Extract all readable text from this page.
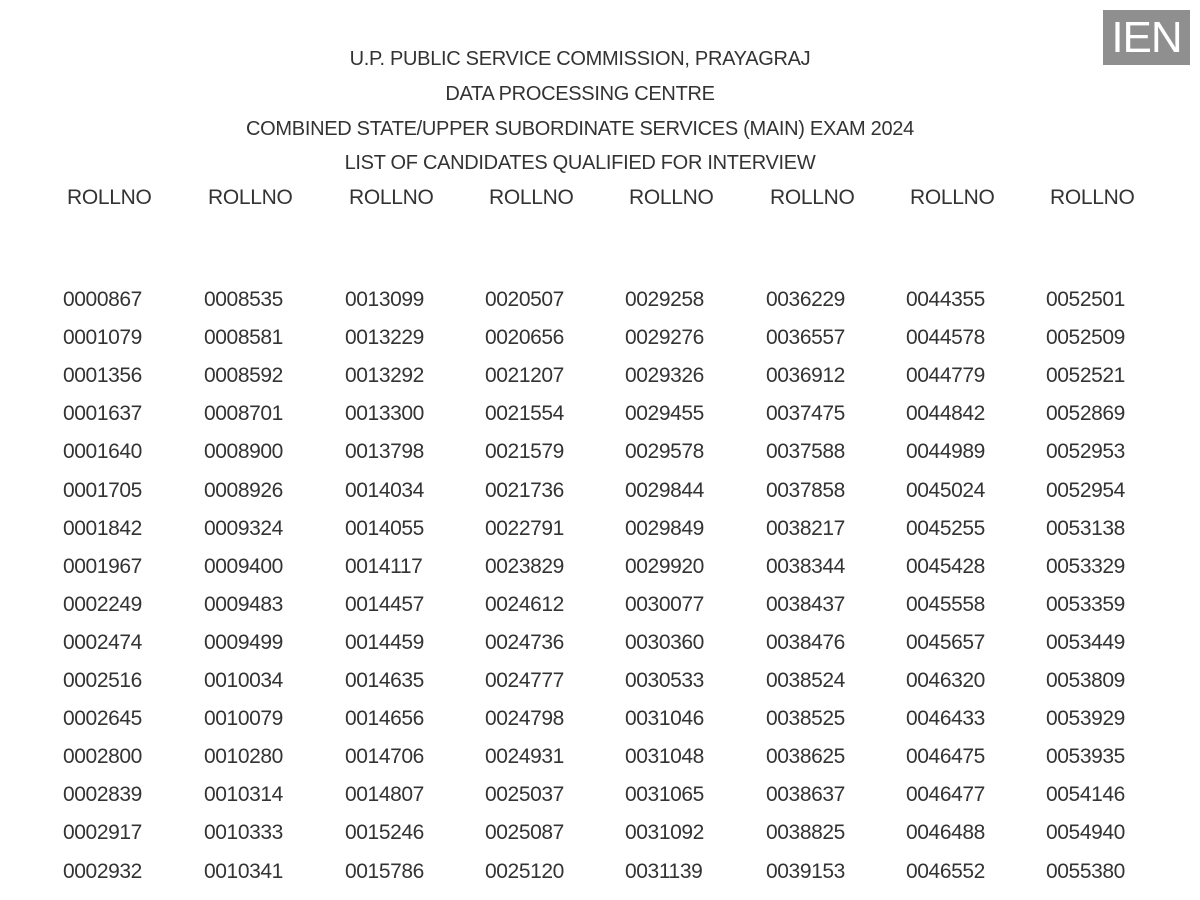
IEN
U.P. PUBLIC SERVICE COMMISSION, PRAYAGRAJ
DATA PROCESSING CENTRE
COMBINED STATE/UPPER SUBORDINATE SERVICES (MAIN) EXAM 2024
LIST OF CANDIDATES QUALIFIED FOR INTERVIEW
ROLLNO
0000867
0001079
0001356
0001637
0001640
0001705
0001842
0001967
0002249
0002474
0002516
0002645
0002800
0002839
0002917
0002932
ROLLNO
0008535
0008581
0008592
0008701
0008900
0008926
0009324
0009400
0009483
0009499
0010034
0010079
0010280
0010314
0010333
0010341
ROLLNO
0013099
0013229
0013292
0013300
0013798
0014034
0014055
0014117
0014457
0014459
0014635
0014656
0014706
0014807
0015246
0015786
ROLLNO
0020507
0020656
0021207
0021554
0021579
0021736
0022791
0023829
0024612
0024736
0024777
0024798
0024931
0025037
0025087
0025120
ROLLNO
0029258
0029276
0029326
0029455
0029578
0029844
0029849
0029920
0030077
0030360
0030533
0031046
0031048
0031065
0031092
0031139
ROLLNO
0036229
0036557
0036912
0037475
0037588
0037858
0038217
0038344
0038437
0038476
0038524
0038525
0038625
0038637
0038825
0039153
ROLLNO
0044355
0044578
0044779
0044842
0044989
0045024
0045255
0045428
0045558
0045657
0046320
0046433
0046475
0046477
0046488
0046552
ROLLNO
0052501
0052509
0052521
0052869
0052953
0052954
0053138
0053329
0053359
0053449
0053809
0053929
0053935
0054146
0054940
0055380
